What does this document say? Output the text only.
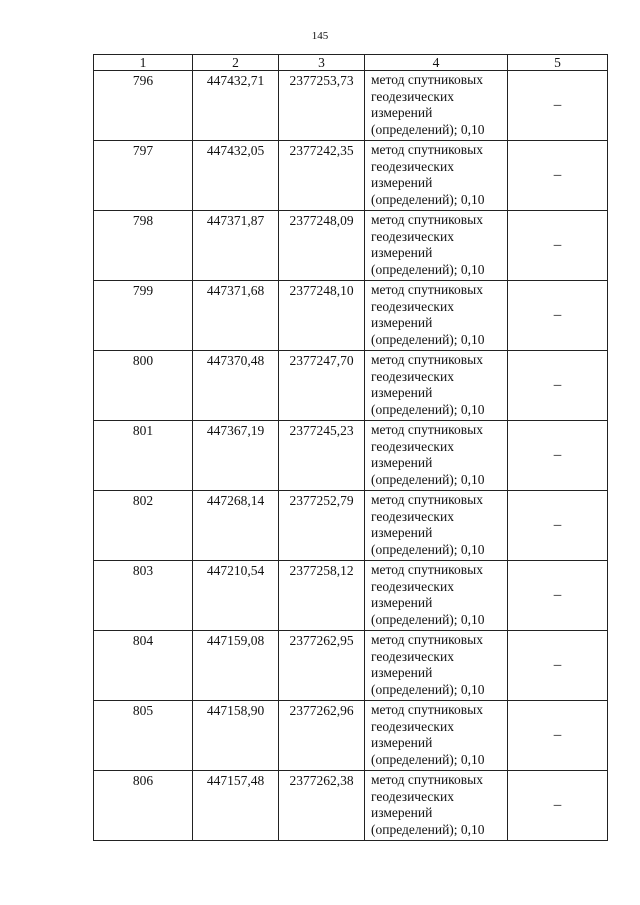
145
1	2	3	4	5
796	447432,71	2377253,73	метод спутниковых
геодезических
измерений
(определений); 0,10	–
797	447432,05	2377242,35	метод спутниковых
геодезических
измерений
(определений); 0,10	–
798	447371,87	2377248,09	метод спутниковых
геодезических
измерений
(определений); 0,10	–
799	447371,68	2377248,10	метод спутниковых
геодезических
измерений
(определений); 0,10	–
800	447370,48	2377247,70	метод спутниковых
геодезических
измерений
(определений); 0,10	–
801	447367,19	2377245,23	метод спутниковых
геодезических
измерений
(определений); 0,10	–
802	447268,14	2377252,79	метод спутниковых
геодезических
измерений
(определений); 0,10	–
803	447210,54	2377258,12	метод спутниковых
геодезических
измерений
(определений); 0,10	–
804	447159,08	2377262,95	метод спутниковых
геодезических
измерений
(определений); 0,10	–
805	447158,90	2377262,96	метод спутниковых
геодезических
измерений
(определений); 0,10	–
806	447157,48	2377262,38	метод спутниковых
геодезических
измерений
(определений); 0,10	–
